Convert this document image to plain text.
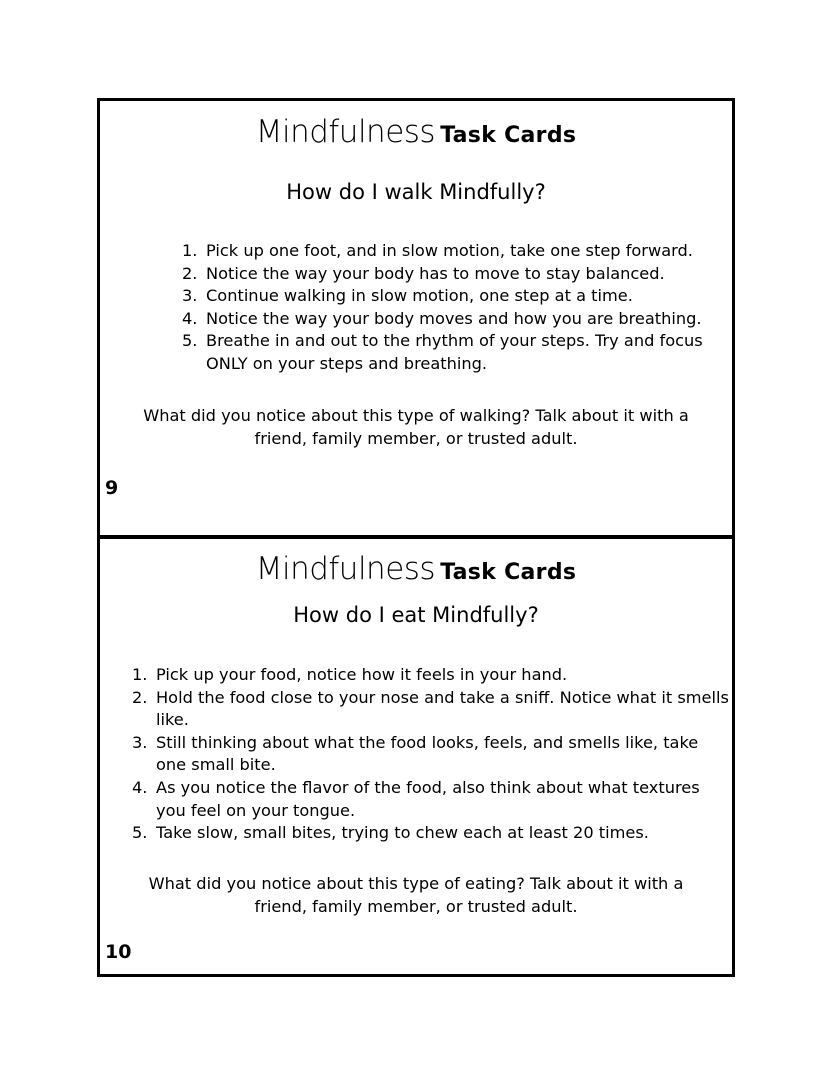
Mindfulness Task Cards
How do I walk Mindfully?
1. Pick up one foot, and in slow motion, take one step forward.
2. Notice the way your body has to move to stay balanced.
3. Continue walking in slow motion, one step at a time.
4. Notice the way your body moves and how you are breathing.
5. Breathe in and out to the rhythm of your steps. Try and focus ONLY on your steps and breathing.
What did you notice about this type of walking? Talk about it with a
friend, family member, or trusted adult.
9
Mindfulness Task Cards
How do I eat Mindfully?
1. Pick up your food, notice how it feels in your hand.
2. Hold the food close to your nose and take a sniff. Notice what it smells like.
3. Still thinking about what the food looks, feels, and smells like, take one small bite.
4. As you notice the flavor of the food, also think about what textures you feel on your tongue.
5. Take slow, small bites, trying to chew each at least 20 times.
What did you notice about this type of eating? Talk about it with a
friend, family member, or trusted adult.
10
